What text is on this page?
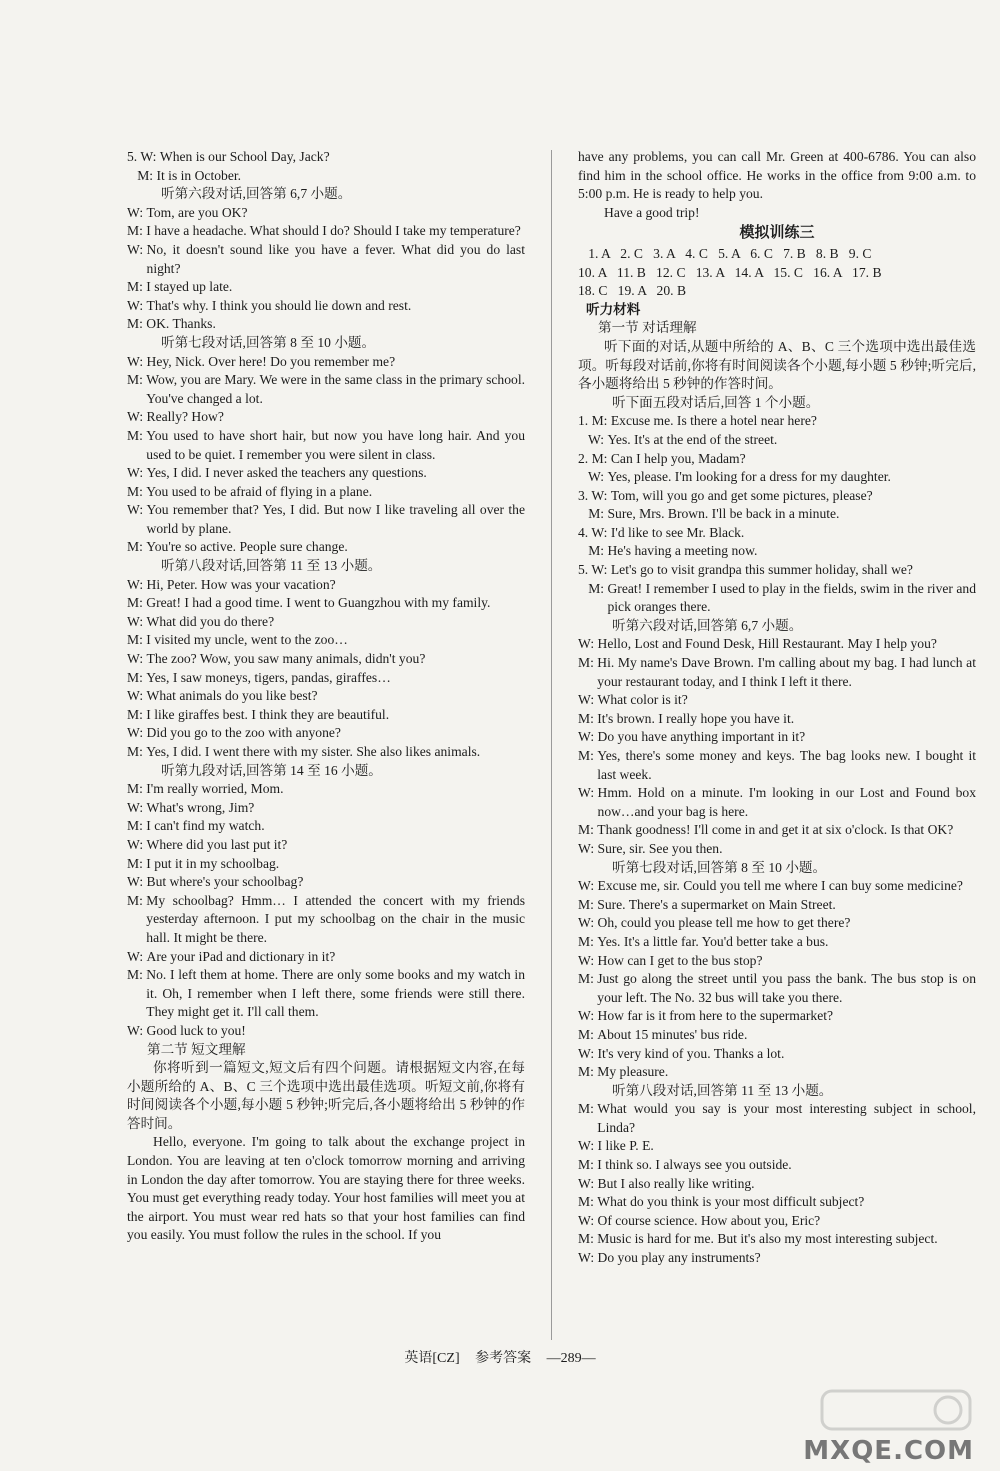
5. W: When is our School Day, Jack?
M: It is in October.
听第六段对话,回答第 6,7 小题。
W: Tom, are you OK?
M: I have a headache. What should I do? Should I take my temperature?
W: No, it doesn't sound like you have a fever. What did you do last night?
M: I stayed up late.
W: That's why. I think you should lie down and rest.
M: OK. Thanks.
听第七段对话,回答第 8 至 10 小题。
W: Hey, Nick. Over here! Do you remember me?
M: Wow, you are Mary. We were in the same class in the primary school. You've changed a lot.
W: Really? How?
M: You used to have short hair, but now you have long hair. And you used to be quiet. I remember you were silent in class.
W: Yes, I did. I never asked the teachers any questions.
M: You used to be afraid of flying in a plane.
W: You remember that? Yes, I did. But now I like traveling all over the world by plane.
M: You're so active. People sure change.
听第八段对话,回答第 11 至 13 小题。
W: Hi, Peter. How was your vacation?
M: Great! I had a good time. I went to Guangzhou with my family.
W: What did you do there?
M: I visited my uncle, went to the zoo…
W: The zoo? Wow, you saw many animals, didn't you?
M: Yes, I saw moneys, tigers, pandas, giraffes…
W: What animals do you like best?
M: I like giraffes best. I think they are beautiful.
W: Did you go to the zoo with anyone?
M: Yes, I did. I went there with my sister. She also likes animals.
听第九段对话,回答第 14 至 16 小题。
M: I'm really worried, Mom.
W: What's wrong, Jim?
M: I can't find my watch.
W: Where did you last put it?
M: I put it in my schoolbag.
W: But where's your schoolbag?
M: My schoolbag? Hmm… I attended the concert with my friends yesterday afternoon. I put my schoolbag on the chair in the music hall. It might be there.
W: Are your iPad and dictionary in it?
M: No. I left them at home. There are only some books and my watch in it. Oh, I remember when I left there, some friends were still there. They might get it. I'll call them.
W: Good luck to you!
第二节 短文理解
你将听到一篇短文,短文后有四个问题。请根据短文内容,在每小题所给的 A、B、C 三个选项中选出最佳选项。听短文前,你将有时间阅读各个小题,每小题 5 秒钟;听完后,各小题将给出 5 秒钟的作答时间。
Hello, everyone. I'm going to talk about the exchange project in London. You are leaving at ten o'clock tomorrow morning and arriving in London the day after tomorrow. You are staying there for three weeks. You must get everything ready today. Your host families will meet you at the airport. You must wear red hats so that your host families can find you easily. You must follow the rules in the school. If you
have any problems, you can call Mr. Green at 400-6786. You can also find him in the school office. He works in the office from 9:00 a.m. to 5:00 p.m. He is ready to help you.
Have a good trip!
模拟训练三
1. A   2. C   3. A   4. C   5. A   6. C   7. B   8. B   9. C
10. A   11. B   12. C   13. A   14. A   15. C   16. A   17. B
18. C   19. A   20. B
听力材料
第一节 对话理解
听下面的对话,从题中所给的 A、B、C 三个选项中选出最佳选项。听每段对话前,你将有时间阅读各个小题,每小题 5 秒钟;听完后,各小题将给出 5 秒钟的作答时间。
听下面五段对话后,回答 1 个小题。
1. M: Excuse me. Is there a hotel near here?
W: Yes. It's at the end of the street.
2. M: Can I help you, Madam?
W: Yes, please. I'm looking for a dress for my daughter.
3. W: Tom, will you go and get some pictures, please?
M: Sure, Mrs. Brown. I'll be back in a minute.
4. W: I'd like to see Mr. Black.
M: He's having a meeting now.
5. W: Let's go to visit grandpa this summer holiday, shall we?
M: Great! I remember I used to play in the fields, swim in the river and pick oranges there.
听第六段对话,回答第 6,7 小题。
W: Hello, Lost and Found Desk, Hill Restaurant. May I help you?
M: Hi. My name's Dave Brown. I'm calling about my bag. I had lunch at your restaurant today, and I think I left it there.
W: What color is it?
M: It's brown. I really hope you have it.
W: Do you have anything important in it?
M: Yes, there's some money and keys. The bag looks new. I bought it last week.
W: Hmm. Hold on a minute. I'm looking in our Lost and Found box now…and your bag is here.
M: Thank goodness! I'll come in and get it at six o'clock. Is that OK?
W: Sure, sir. See you then.
听第七段对话,回答第 8 至 10 小题。
W: Excuse me, sir. Could you tell me where I can buy some medicine?
M: Sure. There's a supermarket on Main Street.
W: Oh, could you please tell me how to get there?
M: Yes. It's a little far. You'd better take a bus.
W: How can I get to the bus stop?
M: Just go along the street until you pass the bank. The bus stop is on your left. The No. 32 bus will take you there.
W: How far is it from here to the supermarket?
M: About 15 minutes' bus ride.
W: It's very kind of you. Thanks a lot.
M: My pleasure.
听第八段对话,回答第 11 至 13 小题。
M: What would you say is your most interesting subject in school, Linda?
W: I like P. E.
M: I think so. I always see you outside.
W: But I also really like writing.
M: What do you think is your most difficult subject?
W: Of course science. How about you, Eric?
M: Music is hard for me. But it's also my most interesting subject.
W: Do you play any instruments?
英语[CZ] 参考答案 —289—
MXQE.COM
